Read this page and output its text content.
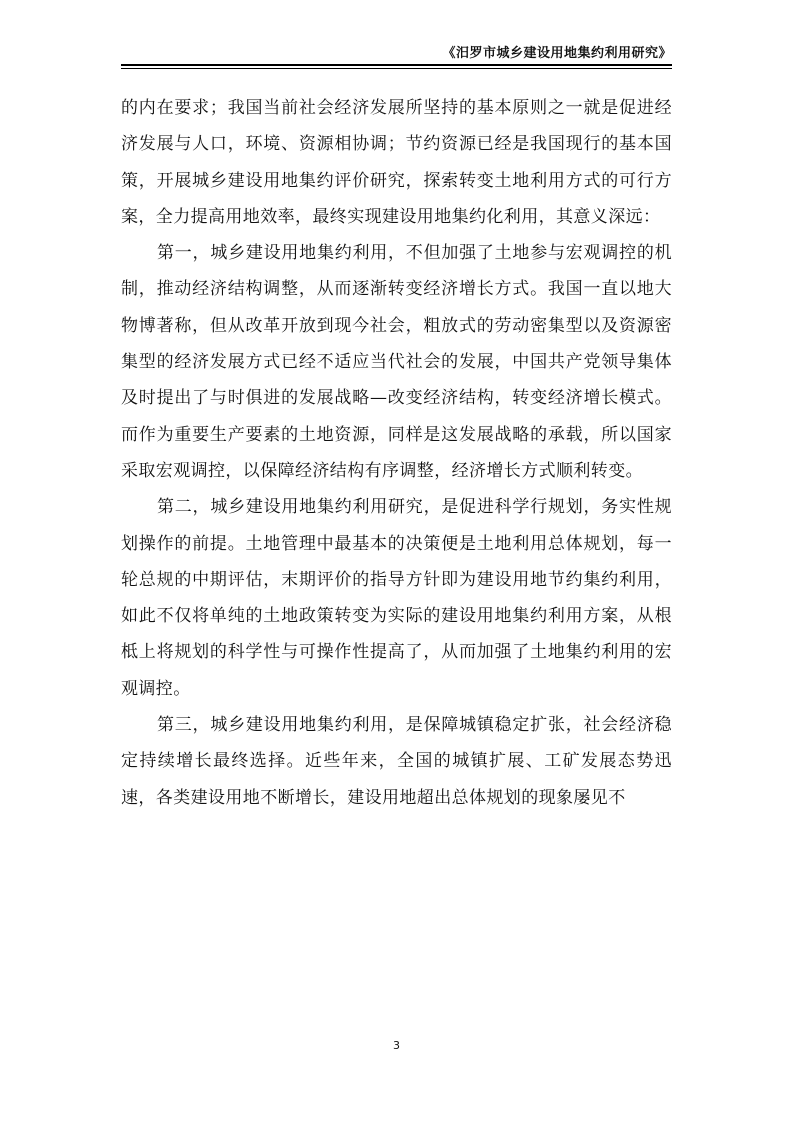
《汨罗市城乡建设用地集约利用研究》

的内在要求；我国当前社会经济发展所坚持的基本原则之一就是促进经济发展与人口，环境、资源相协调；节约资源已经是我国现行的基本国策，开展城乡建设用地集约评价研究，探索转变土地利用方式的可行方案，全力提高用地效率，最终实现建设用地集约化利用，其意义深远：

第一，城乡建设用地集约利用，不但加强了土地参与宏观调控的机制，推动经济结构调整，从而逐渐转变经济增长方式。我国一直以地大物博著称，但从改革开放到现今社会，粗放式的劳动密集型以及资源密集型的经济发展方式已经不适应当代社会的发展，中国共产党领导集体及时提出了与时俱进的发展战略—改变经济结构，转变经济增长模式。而作为重要生产要素的土地资源，同样是这发展战略的承载，所以国家采取宏观调控，以保障经济结构有序调整，经济增长方式顺利转变。

第二，城乡建设用地集约利用研究，是促进科学行规划，务实性规划操作的前提。土地管理中最基本的决策便是土地利用总体规划，每一轮总规的中期评估，末期评价的指导方针即为建设用地节约集约利用，如此不仅将单纯的土地政策转变为实际的建设用地集约利用方案，从根柢上将规划的科学性与可操作性提高了，从而加强了土地集约利用的宏观调控。

第三，城乡建设用地集约利用，是保障城镇稳定扩张，社会经济稳定持续增长最终选择。近些年来，全国的城镇扩展、工矿发展态势迅速，各类建设用地不断增长，建设用地超出总体规划的现象屡见不

3
